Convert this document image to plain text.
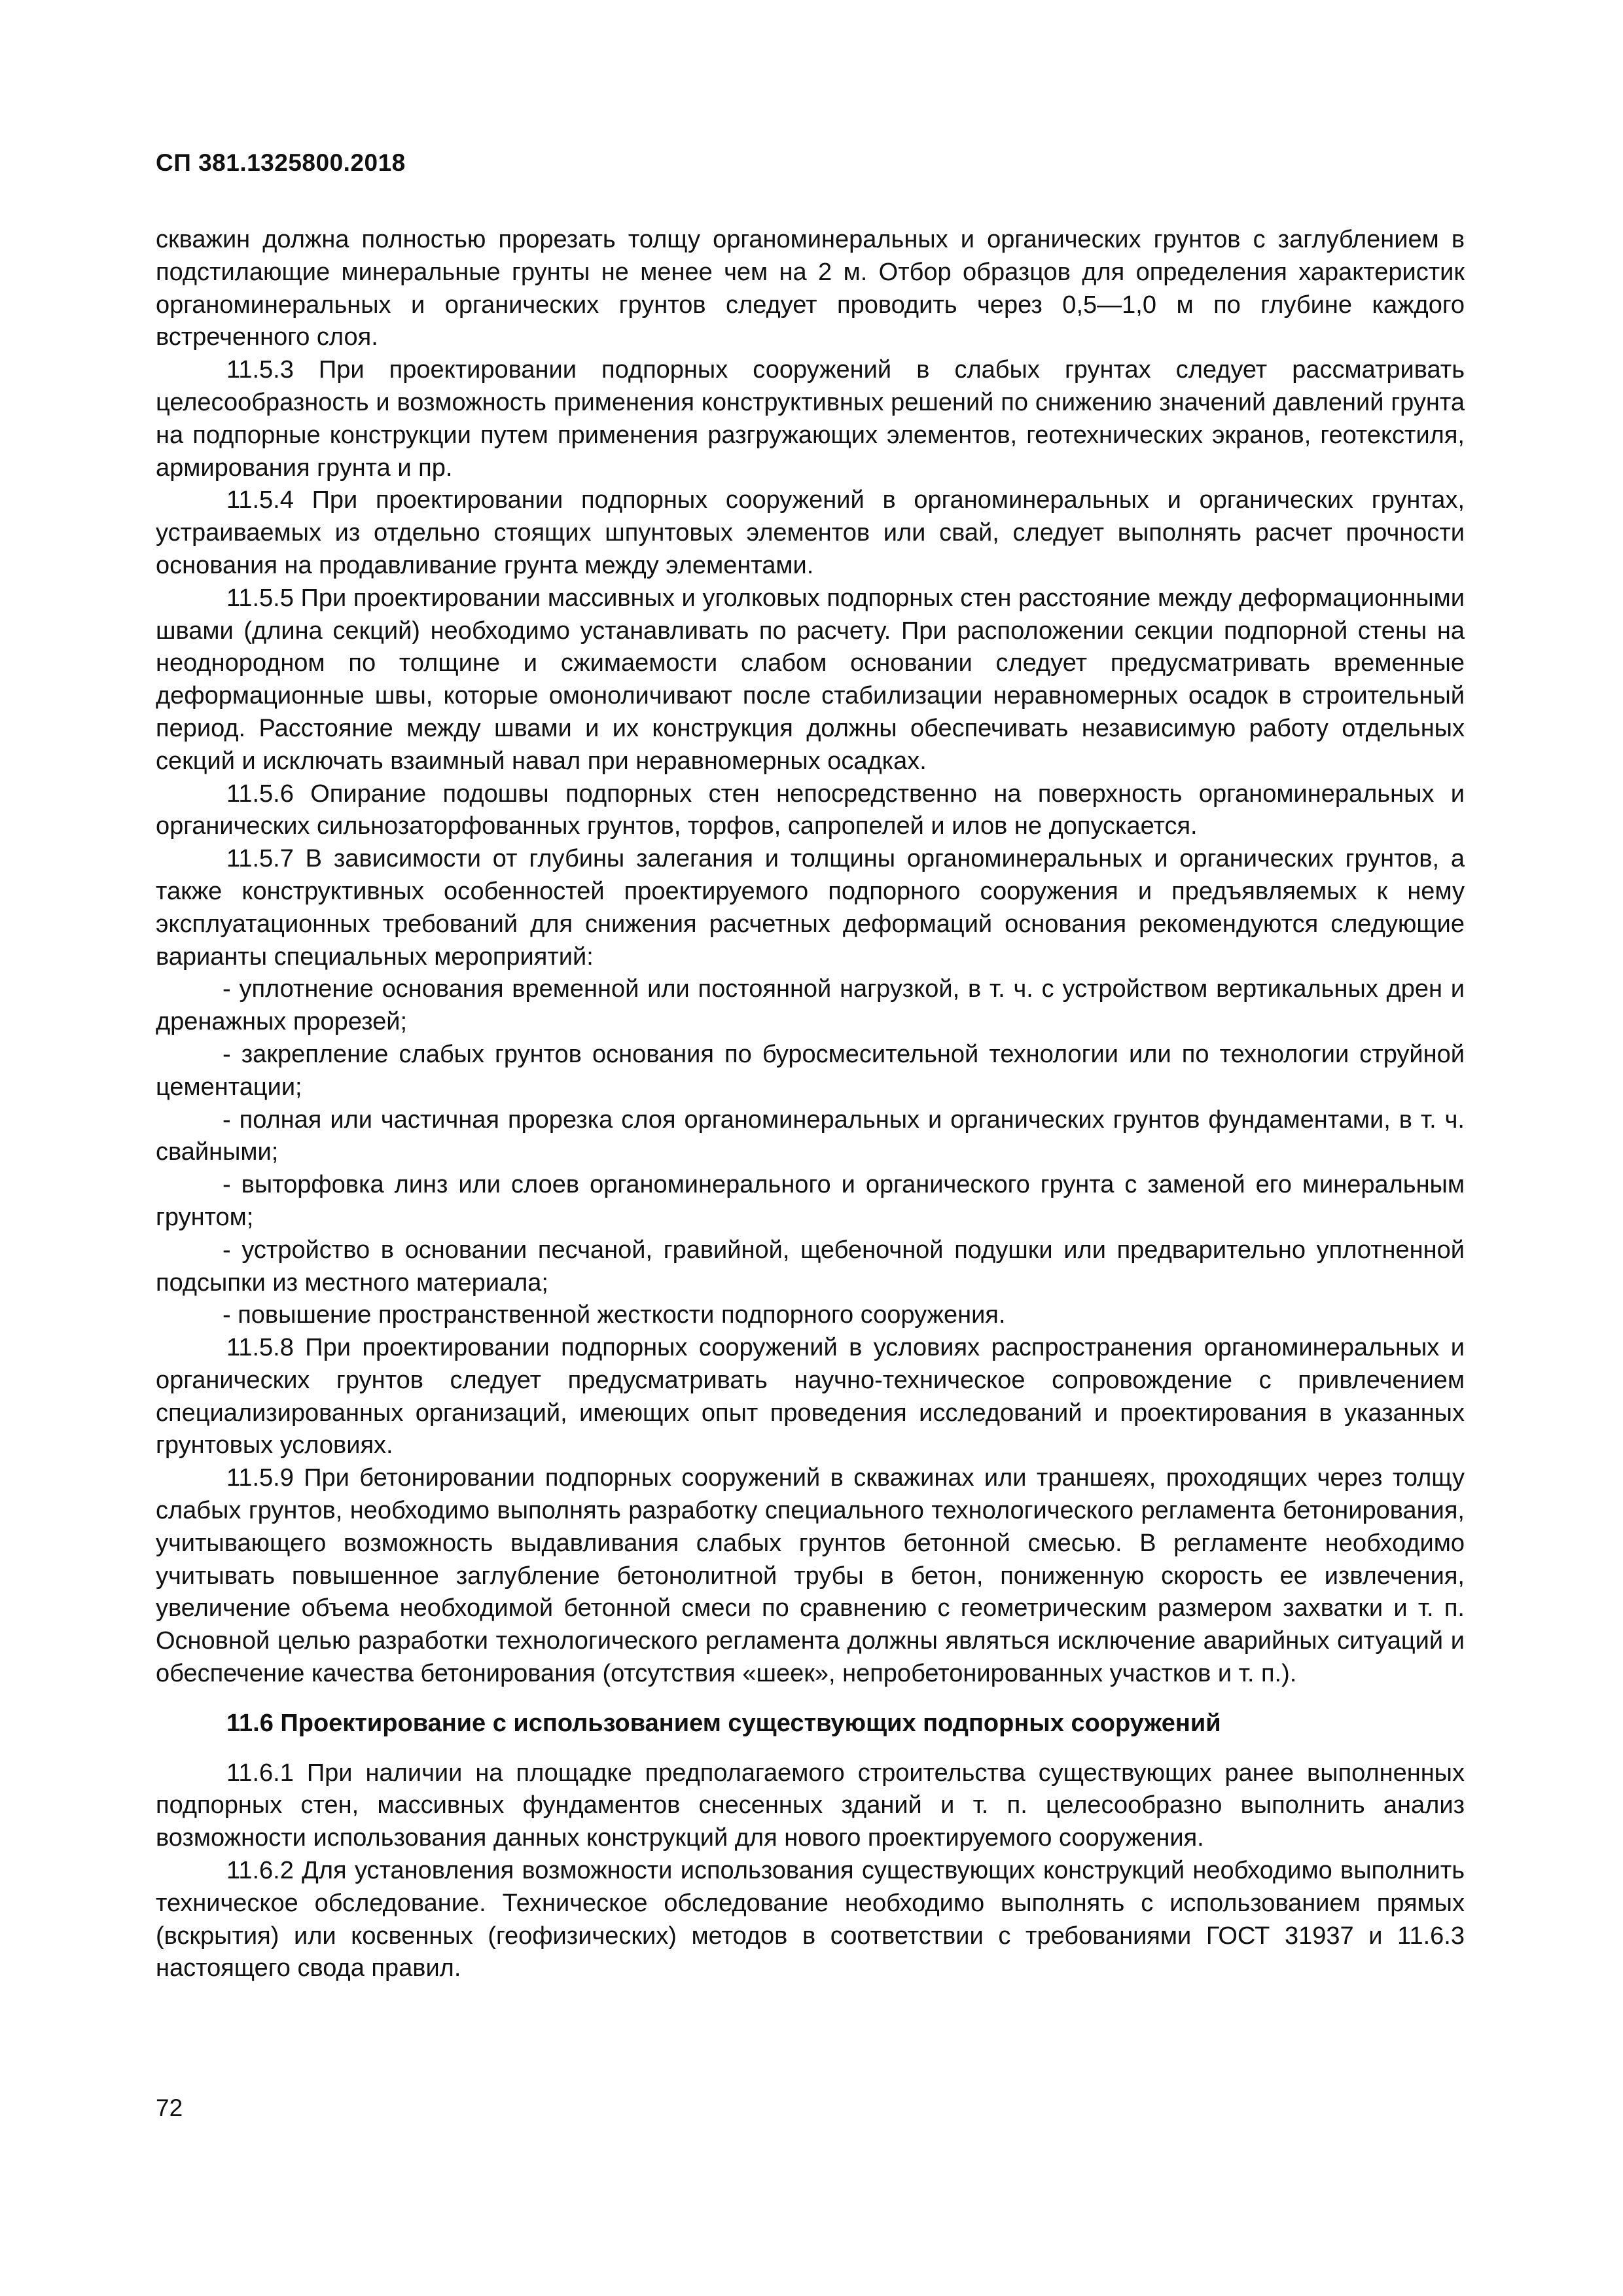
СП 381.1325800.2018

скважин должна полностью прорезать толщу органоминеральных и органических грунтов с заглублением в подстилающие минеральные грунты не менее чем на 2 м. Отбор образцов для определения характеристик органоминеральных и органических грунтов следует проводить через 0,5—1,0 м по глубине каждого встреченного слоя.

11.5.3 При проектировании подпорных сооружений в слабых грунтах следует рассматривать целесообразность и возможность применения конструктивных решений по снижению значений давлений грунта на подпорные конструкции путем применения разгружающих элементов, геотехнических экранов, геотекстиля, армирования грунта и пр.

11.5.4 При проектировании подпорных сооружений в органоминеральных и органических грунтах, устраиваемых из отдельно стоящих шпунтовых элементов или свай, следует выполнять расчет прочности основания на продавливание грунта между элементами.

11.5.5 При проектировании массивных и уголковых подпорных стен расстояние между деформационными швами (длина секций) необходимо устанавливать по расчету. При расположении секции подпорной стены на неоднородном по толщине и сжимаемости слабом основании следует предусматривать временные деформационные швы, которые омоноличивают после стабилизации неравномерных осадок в строительный период. Расстояние между швами и их конструкция должны обеспечивать независимую работу отдельных секций и исключать взаимный навал при неравномерных осадках.

11.5.6 Опирание подошвы подпорных стен непосредственно на поверхность органоминеральных и органических сильнозаторфованных грунтов, торфов, сапропелей и илов не допускается.

11.5.7 В зависимости от глубины залегания и толщины органоминеральных и органических грунтов, а также конструктивных особенностей проектируемого подпорного сооружения и предъявляемых к нему эксплуатационных требований для снижения расчетных деформаций основания рекомендуются следующие варианты специальных мероприятий:

- уплотнение основания временной или постоянной нагрузкой, в т. ч. с устройством вертикальных дрен и дренажных прорезей;

- закрепление слабых грунтов основания по буросмесительной технологии или по технологии струйной цементации;

- полная или частичная прорезка слоя органоминеральных и органических грунтов фундаментами, в т. ч. свайными;

- выторфовка линз или слоев органоминерального и органического грунта с заменой его минеральным грунтом;

- устройство в основании песчаной, гравийной, щебеночной подушки или предварительно уплотненной подсыпки из местного материала;

- повышение пространственной жесткости подпорного сооружения.

11.5.8 При проектировании подпорных сооружений в условиях распространения органоминеральных и органических грунтов следует предусматривать научно-техническое сопровождение с привлечением специализированных организаций, имеющих опыт проведения исследований и проектирования в указанных грунтовых условиях.

11.5.9 При бетонировании подпорных сооружений в скважинах или траншеях, проходящих через толщу слабых грунтов, необходимо выполнять разработку специального технологического регламента бетонирования, учитывающего возможность выдавливания слабых грунтов бетонной смесью. В регламенте необходимо учитывать повышенное заглубление бетонолитной трубы в бетон, пониженную скорость ее извлечения, увеличение объема необходимой бетонной смеси по сравнению с геометрическим размером захватки и т. п. Основной целью разработки технологического регламента должны являться исключение аварийных ситуаций и обеспечение качества бетонирования (отсутствия «шеек», непробетонированных участков и т. п.).

11.6 Проектирование с использованием существующих подпорных сооружений

11.6.1 При наличии на площадке предполагаемого строительства существующих ранее выполненных подпорных стен, массивных фундаментов снесенных зданий и т. п. целесообразно выполнить анализ возможности использования данных конструкций для нового проектируемого сооружения.

11.6.2 Для установления возможности использования существующих конструкций необходимо выполнить техническое обследование. Техническое обследование необходимо выполнять с использованием прямых (вскрытия) или косвенных (геофизических) методов в соответствии с требованиями ГОСТ 31937 и 11.6.3 настоящего свода правил.

72
